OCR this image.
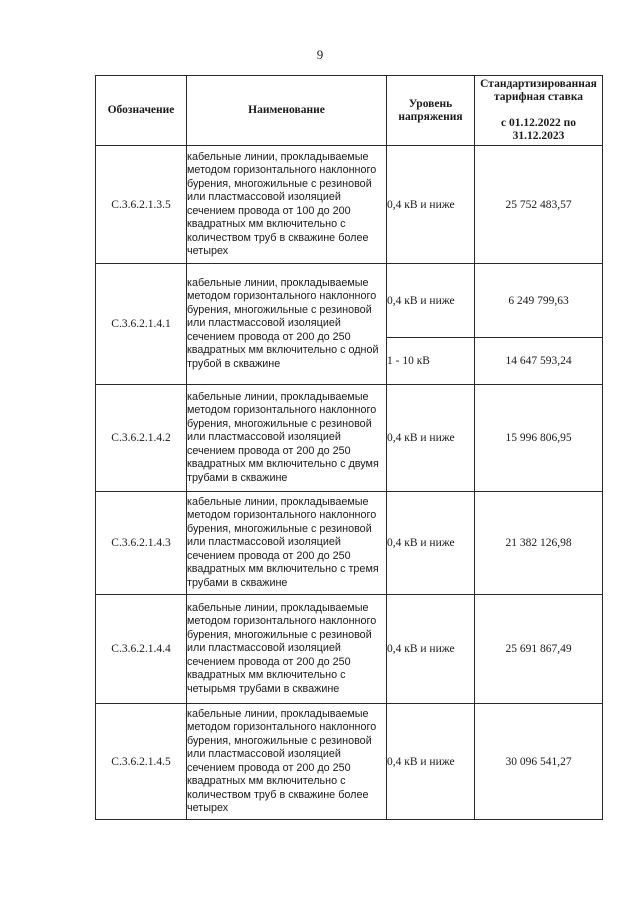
9
Обозначение	Наименование	Уровень напряжения	Стандартизированная тарифная ставка
с 01.12.2022 по 31.12.2023

С.3.6.2.1.3.5	кабельные линии, прокладываемые методом горизонтального наклонного бурения, многожильные с резиновой или пластмассовой изоляцией сечением провода от 100 до 200 квадратных мм включительно с количеством труб в скважине более четырех	0,4 кВ и ниже	25 752 483,57
С.3.6.2.1.4.1	кабельные линии, прокладываемые методом горизонтального наклонного бурения, многожильные с резиновой или пластмассовой изоляцией сечением провода от 200 до 250 квадратных мм включительно с одной трубой в скважине	0,4 кВ и ниже	6 249 799,63
		1 - 10 кВ	14 647 593,24
С.3.6.2.1.4.2	кабельные линии, прокладываемые методом горизонтального наклонного бурения, многожильные с резиновой или пластмассовой изоляцией сечением провода от 200 до 250 квадратных мм включительно с двумя трубами в скважине	0,4 кВ и ниже	15 996 806,95
С.3.6.2.1.4.3	кабельные линии, прокладываемые методом горизонтального наклонного бурения, многожильные с резиновой или пластмассовой изоляцией сечением провода от 200 до 250 квадратных мм включительно с тремя трубами в скважине	0,4 кВ и ниже	21 382 126,98
С.3.6.2.1.4.4	кабельные линии, прокладываемые методом горизонтального наклонного бурения, многожильные с резиновой или пластмассовой изоляцией сечением провода от 200 до 250 квадратных мм включительно с четырьмя трубами в скважине	0,4 кВ и ниже	25 691 867,49
С.3.6.2.1.4.5	кабельные линии, прокладываемые методом горизонтального наклонного бурения, многожильные с резиновой или пластмассовой изоляцией сечением провода от 200 до 250 квадратных мм включительно с количеством труб в скважине более четырех	0,4 кВ и ниже	30 096 541,27
